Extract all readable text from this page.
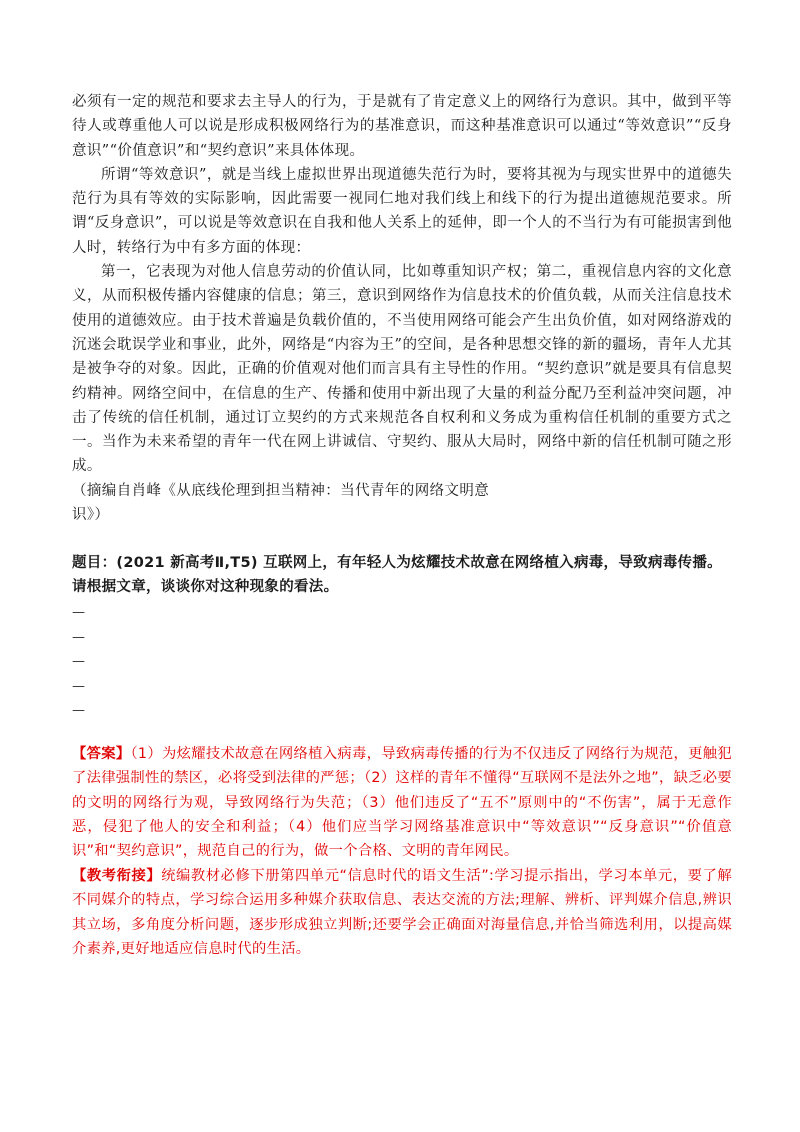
必须有一定的规范和要求去主导人的行为，于是就有了肯定意义上的网络行为意识。其中，做到平等待人或尊重他人可以说是形成积极网络行为的基准意识，而这种基准意识可以通过“等效意识”“反身意识”“价值意识”和“契约意识”来具体体现。

所谓“等效意识”，就是当线上虚拟世界出现道德失范行为时，要将其视为与现实世界中的道德失范行为具有等效的实际影响，因此需要一视同仁地对我们线上和线下的行为提出道德规范要求。所谓“反身意识”，可以说是等效意识在自我和他人关系上的延伸，即一个人的不当行为有可能损害到他人时，转络行为中有多方面的体现：

第一，它表现为对他人信息劳动的价值认同，比如尊重知识产权；第二，重视信息内容的文化意义，从而积极传播内容健康的信息；第三，意识到网络作为信息技术的价值负载，从而关注信息技术使用的道德效应。由于技术普遍是负载价值的，不当使用网络可能会产生出负价值，如对网络游戏的沉迷会耽误学业和事业，此外，网络是“内容为王”的空间，是各种思想交锋的新的疆场，青年人尤其是被争夺的对象。因此，正确的价值观对他们而言具有主导性的作用。“契约意识”就是要具有信息契约精神。网络空间中，在信息的生产、传播和使用中新出现了大量的利益分配乃至利益冲突问题，冲击了传统的信任机制，通过订立契约的方式来规范各自权利和义务成为重构信任机制的重要方式之一。当作为未来希望的青年一代在网上讲诚信、守契约、服从大局时，网络中新的信任机制可随之形成。

（摘编自肖峰《从底线伦理到担当精神：当代青年的网络文明意

识》）

题目：(2021 新高考Ⅱ,T5) 互联网上，有年轻人为炫耀技术故意在网络植入病毒，导致病毒传播。请根据文章，谈谈你对这种现象的看法。
—
—
—
—
—

【答案】（1）为炫耀技术故意在网络植入病毒，导致病毒传播的行为不仅违反了网络行为规范，更触犯了法律强制性的禁区，必将受到法律的严惩；（2）这样的青年不懂得“互联网不是法外之地”，缺乏必要的文明的网络行为观，导致网络行为失范；（3）他们违反了“五不”原则中的“不伤害”，属于无意作恶，侵犯了他人的安全和利益；（4）他们应当学习网络基准意识中“等效意识”“反身意识”“价值意识”和“契约意识”，规范自己的行为，做一个合格、文明的青年网民。

【教考衔接】统编教材必修下册第四单元“信息时代的语文生活”:学习提示指出，学习本单元，要了解不同媒介的特点，学习综合运用多种媒介获取信息、表达交流的方法;理解、辨析、评判媒介信息,辨识其立场，多角度分析问题，逐步形成独立判断;还要学会正确面对海量信息,并恰当筛选利用，以提高媒介素养,更好地适应信息时代的生活。
